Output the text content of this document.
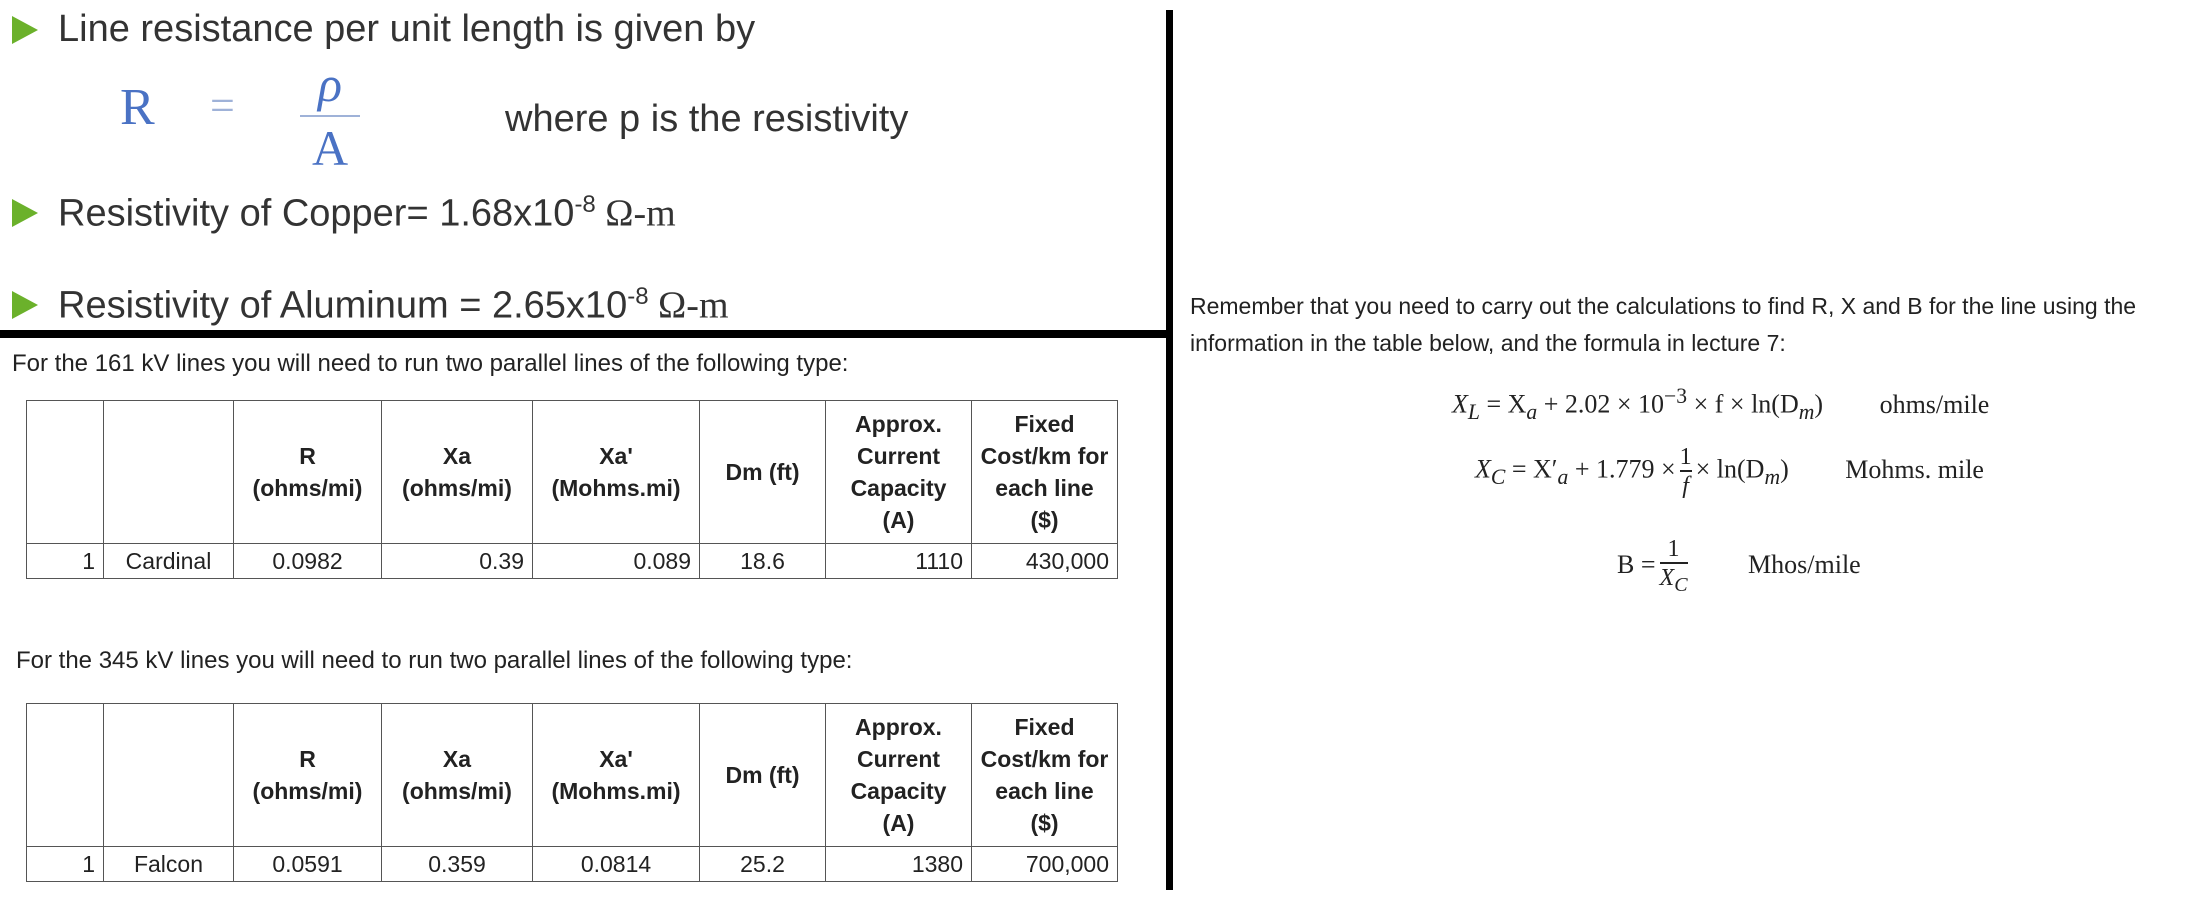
Line resistance per unit length is given by
R =	ρ
A
where p is the resistivity
Resistivity of Copper= $1.68x10^{-8}$ Ω-m
Resistivity of Aluminum = $2.65x10^{-8}$ Ω-m
For the 161 kV lines you will need to run two parallel lines of the following type:
		R (ohms/mi)	Xa (ohms/mi)	Xa' (Mohms.mi)	Dm (ft)	Approx. Current Capacity (A)	Fixed Cost/km for each line ($)
1	Cardinal	0.0982	0.39	0.089	18.6	1110	430,000
For the 345 kV lines you will need to run two parallel lines of the following type:
		R (ohms/mi)	Xa (ohms/mi)	Xa' (Mohms.mi)	Dm (ft)	Approx. Current Capacity (A)	Fixed Cost/km for each line ($)
1	Falcon	0.0591	0.359	0.0814	25.2	1380	700,000
Remember that you need to carry out the calculations to find R, X and B for the line using the information in the table below, and the formula in lecture 7:
$X_L = X_a + 2.02 \times 10^{-3} \times f \times \ln(D_m)$ ohms/mile
$X_C = X'_a + 1.779 \times \frac{1}{f} \times \ln(D_m)$ Mohms. mile
$B = \frac{1}{X_C}$ Mhos/mile
